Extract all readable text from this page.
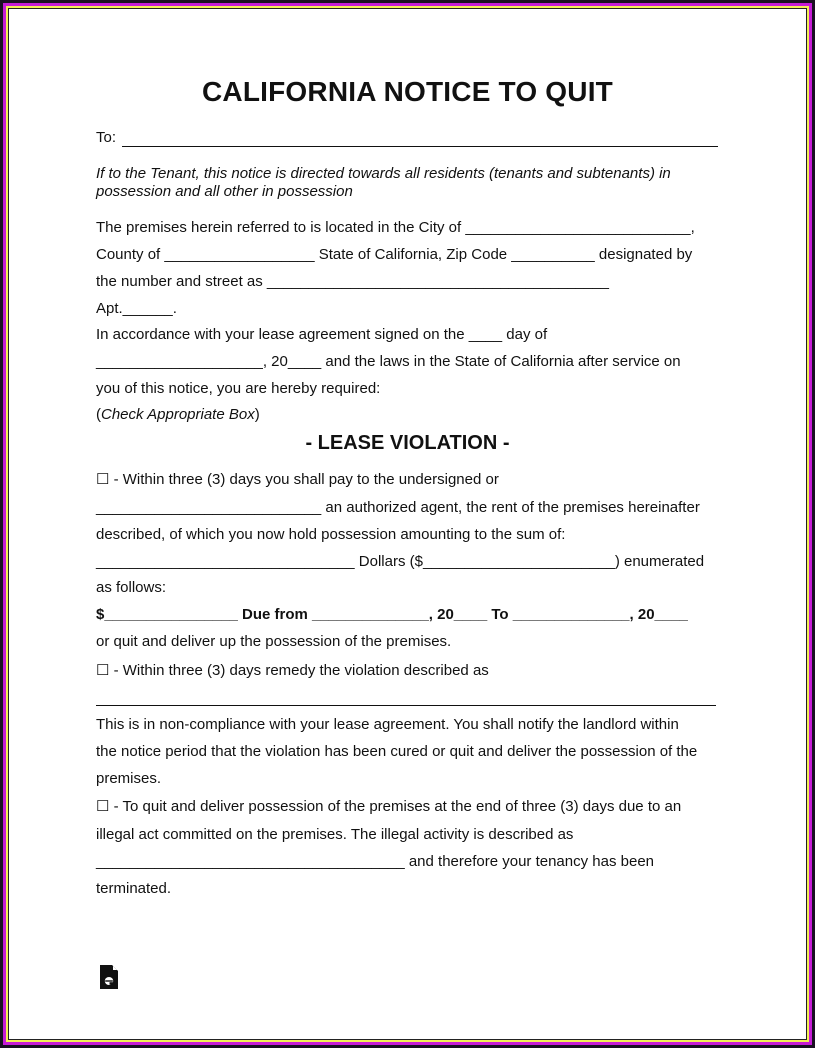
CALIFORNIA NOTICE TO QUIT
To:
If to the Tenant, this notice is directed towards all residents (tenants and subtenants) in
possession and all other in possession
The premises herein referred to is located in the City of ___________________________,
County of __________________ State of California, Zip Code __________ designated by
the number and street as _________________________________________
Apt.______.
In accordance with your lease agreement signed on the ____ day of
____________________, 20____ and the laws in the State of California after service on
you of this notice, you are hereby required:
(Check Appropriate Box)
- LEASE VIOLATION -
☐ - Within three (3) days you shall pay to the undersigned or
___________________________ an authorized agent, the rent of the premises hereinafter
described, of which you now hold possession amounting to the sum of:
_______________________________ Dollars ($_______________________) enumerated
as follows:
$________________ Due from ______________, 20____ To ______________, 20____
or quit and deliver up the possession of the premises.
☐ - Within three (3) days remedy the violation described as
This is in non-compliance with your lease agreement. You shall notify the landlord within
the notice period that the violation has been cured or quit and deliver the possession of the
premises.
☐ - To quit and deliver possession of the premises at the end of three (3) days due to an
illegal act committed on the premises. The illegal activity is described as
_____________________________________ and therefore your tenancy has been
terminated.
